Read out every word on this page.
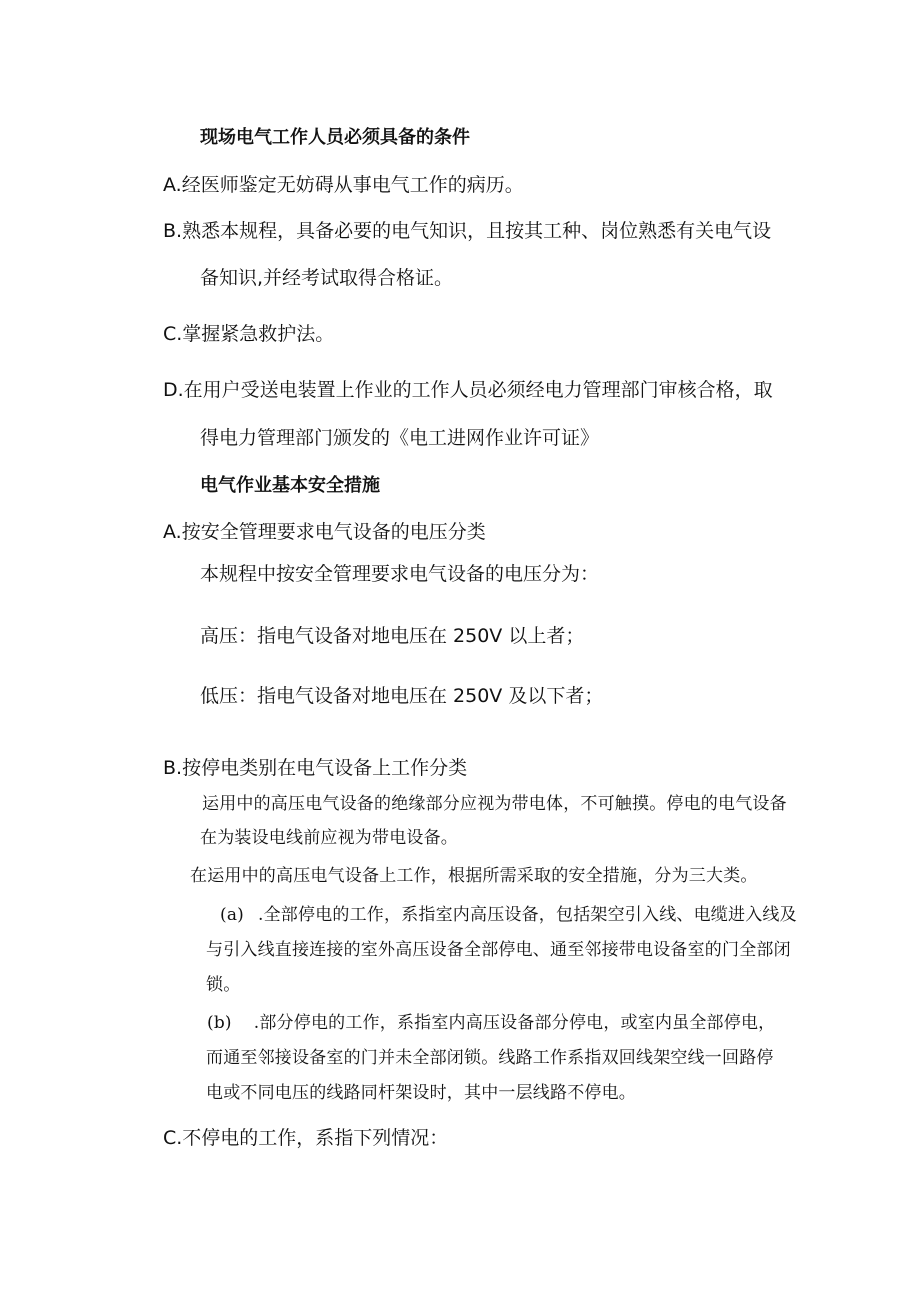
现场电气工作人员必须具备的条件
A.经医师鉴定无妨碍从事电气工作的病历。
B.熟悉本规程，具备必要的电气知识，且按其工种、岗位熟悉有关电气设
备知识,并经考试取得合格证。
C.掌握紧急救护法。
D.在用户受送电装置上作业的工作人员必须经电力管理部门审核合格，取
得电力管理部门颁发的《电工进网作业许可证》
电气作业基本安全措施
A.按安全管理要求电气设备的电压分类
本规程中按安全管理要求电气设备的电压分为：
高压：指电气设备对地电压在 250V 以上者；
低压：指电气设备对地电压在 250V 及以下者；
B.按停电类别在电气设备上工作分类
运用中的高压电气设备的绝缘部分应视为带电体，不可触摸。停电的电气设备
在为装设电线前应视为带电设备。
在运用中的高压电气设备上工作，根据所需采取的安全措施，分为三大类。
(a) .全部停电的工作，系指室内高压设备，包括架空引入线、电缆进入线及
与引入线直接连接的室外高压设备全部停电、通至邻接带电设备室的门全部闭
锁。
(b) .部分停电的工作，系指室内高压设备部分停电，或室内虽全部停电，
而通至邻接设备室的门并未全部闭锁。线路工作系指双回线架空线一回路停
电或不同电压的线路同杆架设时，其中一层线路不停电。
C.不停电的工作，系指下列情况：
